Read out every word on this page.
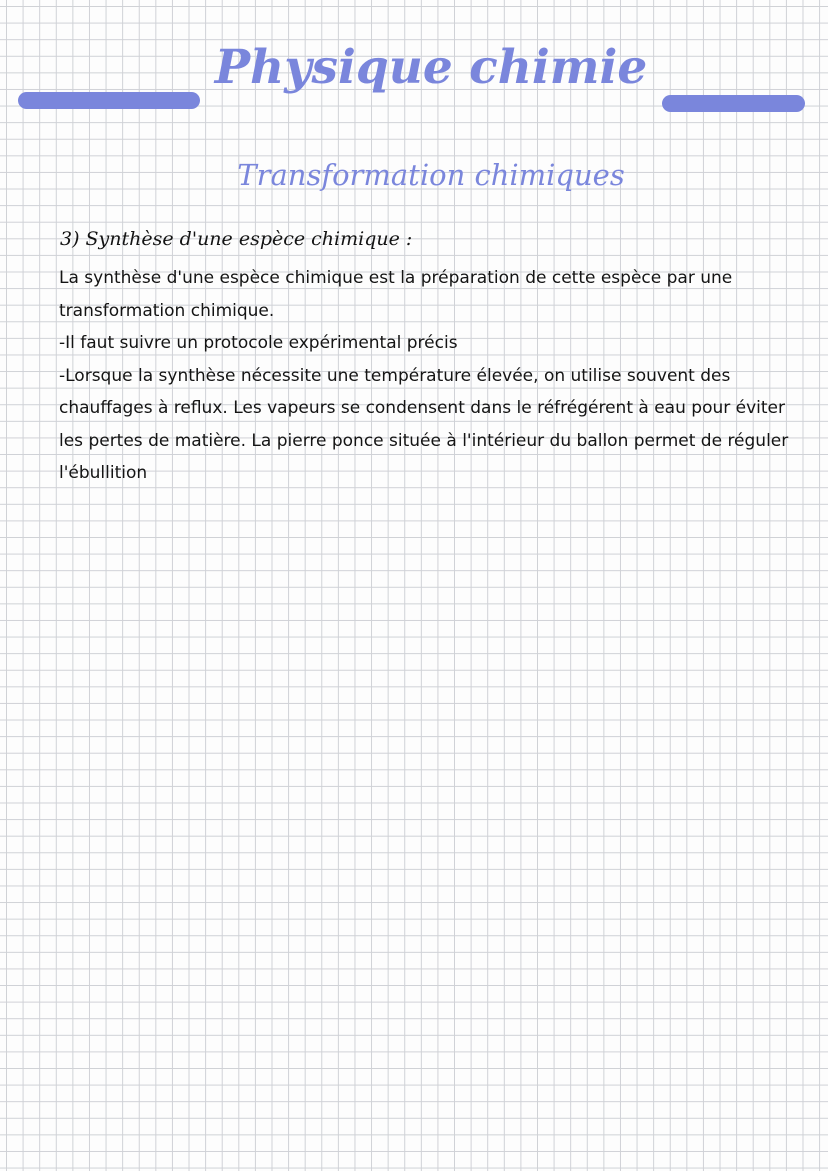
Physique chimie
Transformation chimiques
3) Synthèse d'une espèce chimique :

La synthèse d'une espèce chimique est la préparation de cette espèce par une transformation chimique.

-Il faut suivre un protocole expérimental précis

-Lorsque la synthèse nécessite une température élevée, on utilise souvent des chauffages à reflux. Les vapeurs se condensent dans le réfrégérent à eau pour éviter les pertes de matière. La pierre ponce située à l'intérieur du ballon permet de réguler l'ébullition
